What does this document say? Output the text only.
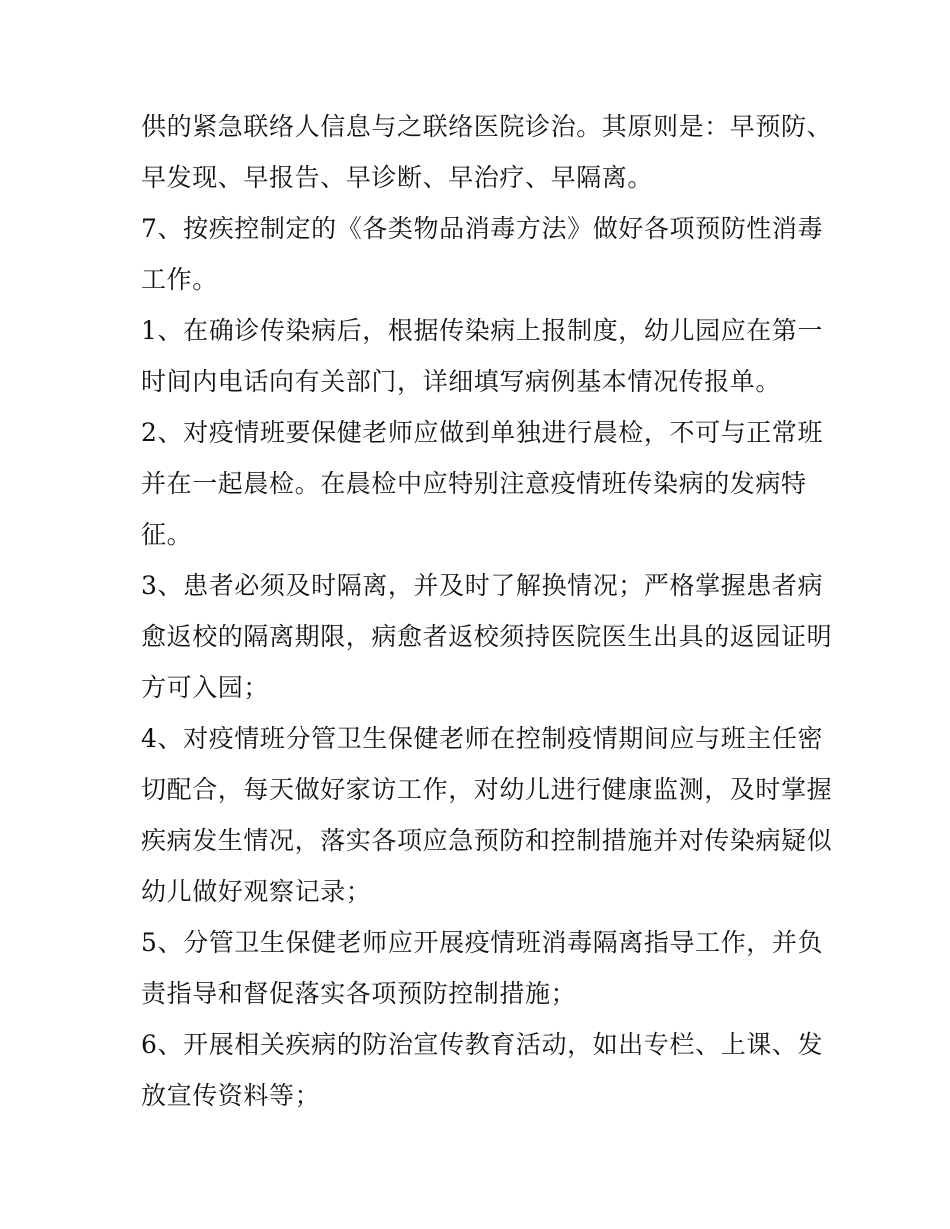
供的紧急联络人信息与之联络医院诊治。其原则是：早预防、
早发现、早报告、早诊断、早治疗、早隔离。
7、按疾控制定的《各类物品消毒方法》做好各项预防性消毒
工作。
1、在确诊传染病后，根据传染病上报制度，幼儿园应在第一
时间内电话向有关部门，详细填写病例基本情况传报单。
2、对疫情班要保健老师应做到单独进行晨检，不可与正常班
并在一起晨检。在晨检中应特别注意疫情班传染病的发病特
征。
3、患者必须及时隔离，并及时了解换情况；严格掌握患者病
愈返校的隔离期限，病愈者返校须持医院医生出具的返园证明
方可入园；
4、对疫情班分管卫生保健老师在控制疫情期间应与班主任密
切配合，每天做好家访工作，对幼儿进行健康监测，及时掌握
疾病发生情况，落实各项应急预防和控制措施并对传染病疑似
幼儿做好观察记录；
5、分管卫生保健老师应开展疫情班消毒隔离指导工作，并负
责指导和督促落实各项预防控制措施；
6、开展相关疾病的防治宣传教育活动，如出专栏、上课、发
放宣传资料等；
